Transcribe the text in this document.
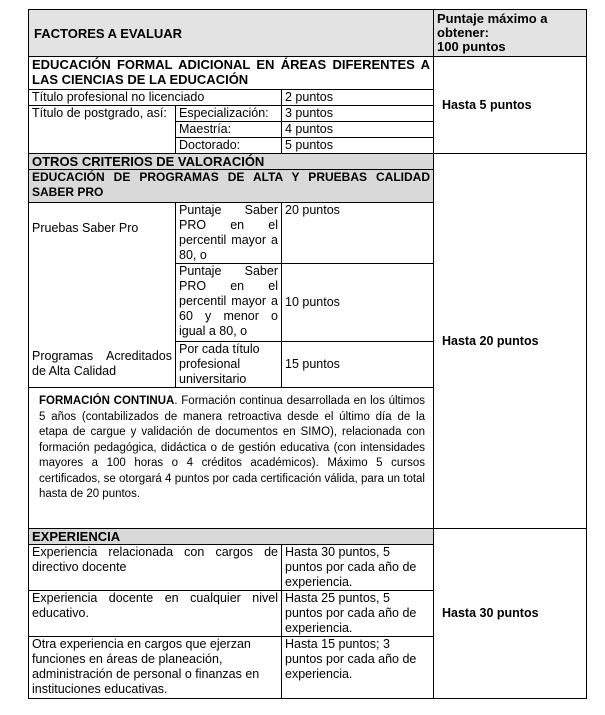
FACTORES A EVALUAR			Puntaje máximo a
obtener:
100 puntos

EDUCACIÓN FORMAL ADICIONAL EN ÁREAS DIFERENTES A LAS CIENCIAS DE LA EDUCACIÓN			Hasta 5 puntos
Título profesional no licenciado		2 puntos	
Título de postgrado, así:	Especialización:	3 puntos	
	Maestría:	4 puntos	
	Doctorado:	5 puntos	
OTROS CRITERIOS DE VALORACIÓN			Hasta 20 puntos
EDUCACIÓN DE PROGRAMAS DE ALTA Y PRUEBAS CALIDAD SABER PRO			
Pruebas Saber Pro	Puntaje Saber PRO en el percentil mayor a 80, o	20 puntos	
	Puntaje Saber PRO en el percentil mayor a 60 y menor o igual a 80, o	10 puntos	
Programas Acreditados de Alta Calidad	Por cada título profesional universitario	15 puntos	
FORMACIÓN CONTINUA. Formación continua desarrollada en los últimos 5 años (contabilizados de manera retroactiva desde el último día de la etapa de cargue y validación de documentos en SIMO), relacionada con formación pedagógica, didáctica o de gestión educativa (con intensidades mayores a 100 horas o 4 créditos académicos). Máximo 5 cursos certificados, se otorgará 4 puntos por cada certificación válida, para un total hasta de 20 puntos.			
EXPERIENCIA			Hasta 30 puntos
Experiencia relacionada con cargos de directivo docente		Hasta 30 puntos, 5 puntos por cada año de experiencia.	
Experiencia docente en cualquier nivel educativo.		Hasta 25 puntos, 5 puntos por cada año de experiencia.	
Otra experiencia en cargos que ejerzan funciones en áreas de planeación, administración de personal o finanzas en instituciones educativas.		Hasta 15 puntos; 3 puntos por cada año de experiencia.	
